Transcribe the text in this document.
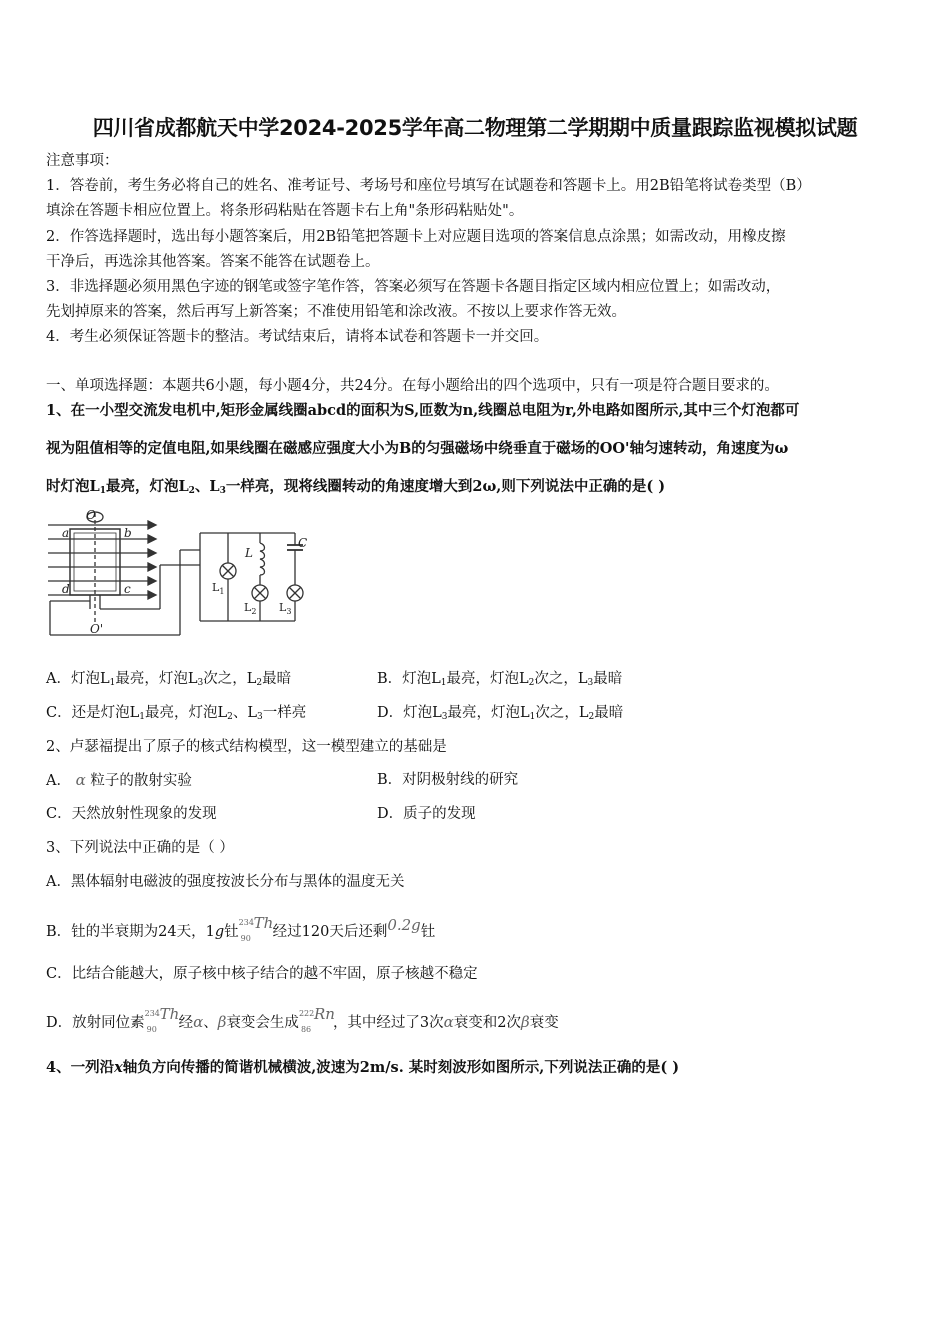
四川省成都航天中学2024-2025学年高二物理第二学期期中质量跟踪监视模拟试题
注意事项：
1．答卷前，考生务必将自己的姓名、准考证号、考场号和座位号填写在试题卷和答题卡上。用2B铅笔将试卷类型（B）
填涂在答题卡相应位置上。将条形码粘贴在答题卡右上角"条形码粘贴处"。
2．作答选择题时，选出每小题答案后，用2B铅笔把答题卡上对应题目选项的答案信息点涂黑；如需改动，用橡皮擦
干净后，再选涂其他答案。答案不能答在试题卷上。
3．非选择题必须用黑色字迹的钢笔或签字笔作答，答案必须写在答题卡各题目指定区域内相应位置上；如需改动，
先划掉原来的答案，然后再写上新答案；不准使用铅笔和涂改液。不按以上要求作答无效。
4．考生必须保证答题卡的整洁。考试结束后，请将本试卷和答题卡一并交回。
一、单项选择题：本题共6小题，每小题4分，共24分。在每小题给出的四个选项中，只有一项是符合题目要求的。
1、在一小型交流发电机中,矩形金属线圈abcd的面积为S,匝数为n,线圈总电阻为r,外电路如图所示,其中三个灯泡都可
视为阻值相等的定值电阻,如果线圈在磁感应强度大小为B的匀强磁场中绕垂直于磁场的OO'轴匀速转动，角速度为ω
时灯泡$L_1$最亮，灯泡$L_2$、$L_3$一样亮，现将线圈转动的角速度增大到2ω,则下列说法中正确的是( )
O
O'
a	b
c
d
L
C
$L_1$
$L_2$ $L_3$
A．灯泡$L_1$最亮，灯泡$L_3$次之，$L_2$最暗	B．灯泡$L_1$最亮，灯泡$L_2$次之，$L_3$最暗
C．还是灯泡$L_1$最亮，灯泡$L_2$、$L_3$一样亮	D．灯泡$L_3$最亮，灯泡$L_1$次之，$L_2$最暗
2、卢瑟福提出了原子的核式结构模型，这一模型建立的基础是
A． α 粒子的散射实验	B．对阴极射线的研究
C．天然放射性现象的发现	D．质子的发现
3、下列说法中正确的是（ ）
A．黑体辐射电磁波的强度按波长分布与黑体的温度无关
B．钍的半衰期为24天，1g钍
234
90
Th 经过120天后还剩0.2g钍
C．比结合能越大，原子核中核子结合的越不牢固，原子核越不稳定
D．放射同位素
234
90
Th 经α、β衰变会生成
222
86
Rn
，其中经过了3次α衰变和2次β衰变
4、一列沿x轴负方向传播的简谐机械横波,波速为2m/s. 某时刻波形如图所示,下列说法正确的是( )
